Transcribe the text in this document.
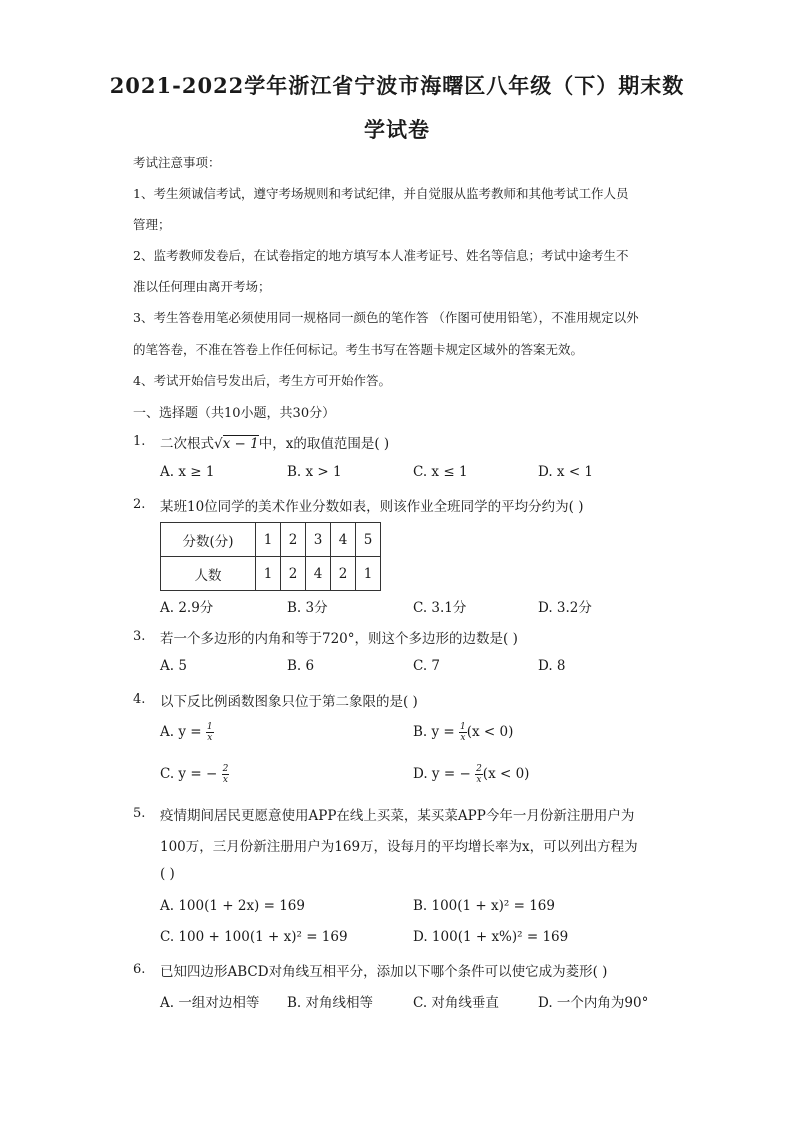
2021-2022学年浙江省宁波市海曙区八年级（下）期末数
学试卷
考试注意事项：
1、考生须诚信考试，遵守考场规则和考试纪律，并自觉服从监考教师和其他考试工作人员
管理；
2、监考教师发卷后，在试卷指定的地方填写本人准考证号、姓名等信息；考试中途考生不
准以任何理由离开考场；
3、考生答卷用笔必须使用同一规格同一颜色的笔作答 （作图可使用铅笔），不准用规定以外
的笔答卷，不准在答卷上作任何标记。考生书写在答题卡规定区域外的答案无效。
4、考试开始信号发出后，考生方可开始作答。
一、选择题（共10小题，共30分）
1. 二次根式√x − 1中，x的取值范围是( )
A. x ≥ 1	B. x > 1	C. x ≤ 1	D. x < 1
2. 某班10位同学的美术作业分数如表，则该作业全班同学的平均分约为( )
分数(分)	1	2	3	4	5
人数	1	2	4	2	1
A. 2.9分	B. 3分	C. 3.1分	D. 3.2分
3. 若一个多边形的内角和等于720°，则这个多边形的边数是( )
A. 5	B. 6	C. 7	D. 8
4. 以下反比例函数图象只位于第二象限的是( )
A. $y = \frac{1}{x}$	B. $y = \frac{1}{x} (x < 0)$
C. y = − $\frac{2}{x}$	D. y = − $\frac{2}{x} (x < 0)$
5. 疫情期间居民更愿意使用APP在线上买菜，某买菜APP今年一月份新注册用户为
100万，三月份新注册用户为169万，设每月的平均增长率为x，可以列出方程为
( )
A. 100(1 + 2x) = 169	B. 100(1 + x)² = 169
C. 100 + 100(1 + x)² = 169	D. 100(1 + x%)² = 169
6. 已知四边形ABCD对角线互相平分，添加以下哪个条件可以使它成为菱形( )
A. 一组对边相等 B. 对角线相等	C. 对角线垂直	D. 一个内角为90°
